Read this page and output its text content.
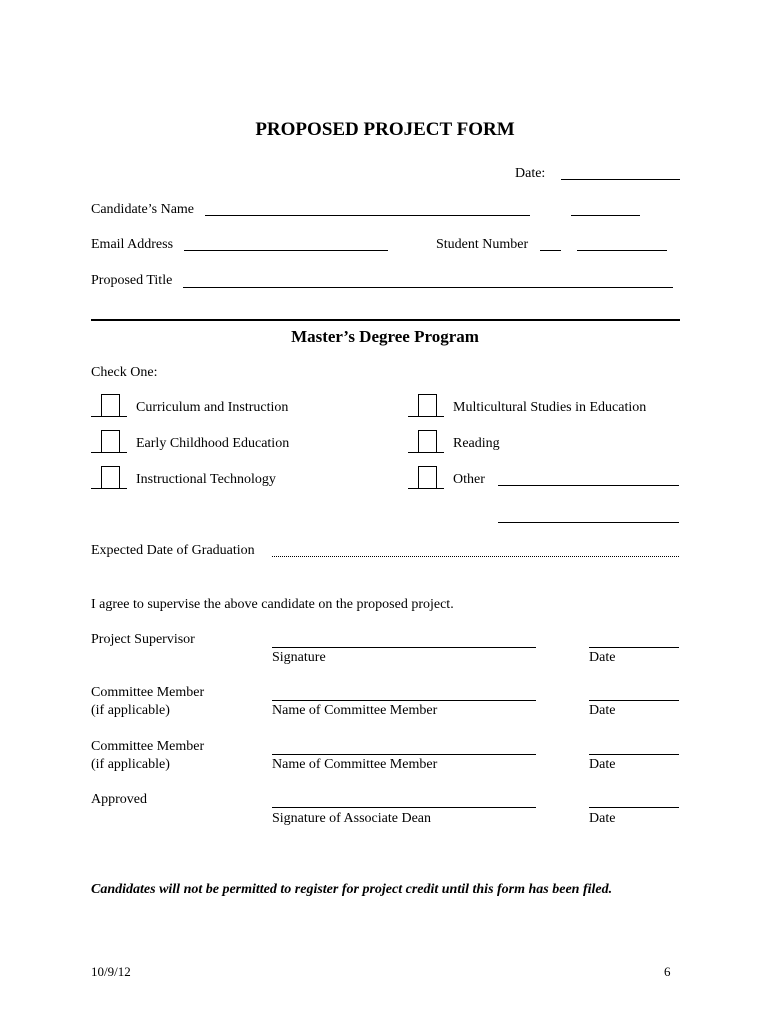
PROPOSED PROJECT FORM
Date:
Candidate’s Name
Email Address	Student Number
Proposed Title
Master’s Degree Program
Check One:
Curriculum and Instruction	Multicultural Studies in Education
Early Childhood Education	Reading
Instructional Technology	Other
Expected Date of Graduation
I agree to supervise the above candidate on the proposed project.
Project Supervisor
Signature	Date
Committee Member
(if applicable)	Name of Committee Member	Date
Committee Member
(if applicable)	Name of Committee Member	Date
Approved
Signature of Associate Dean	Date
Candidates will not be permitted to register for project credit until this form has been filed.
10/9/12	6
